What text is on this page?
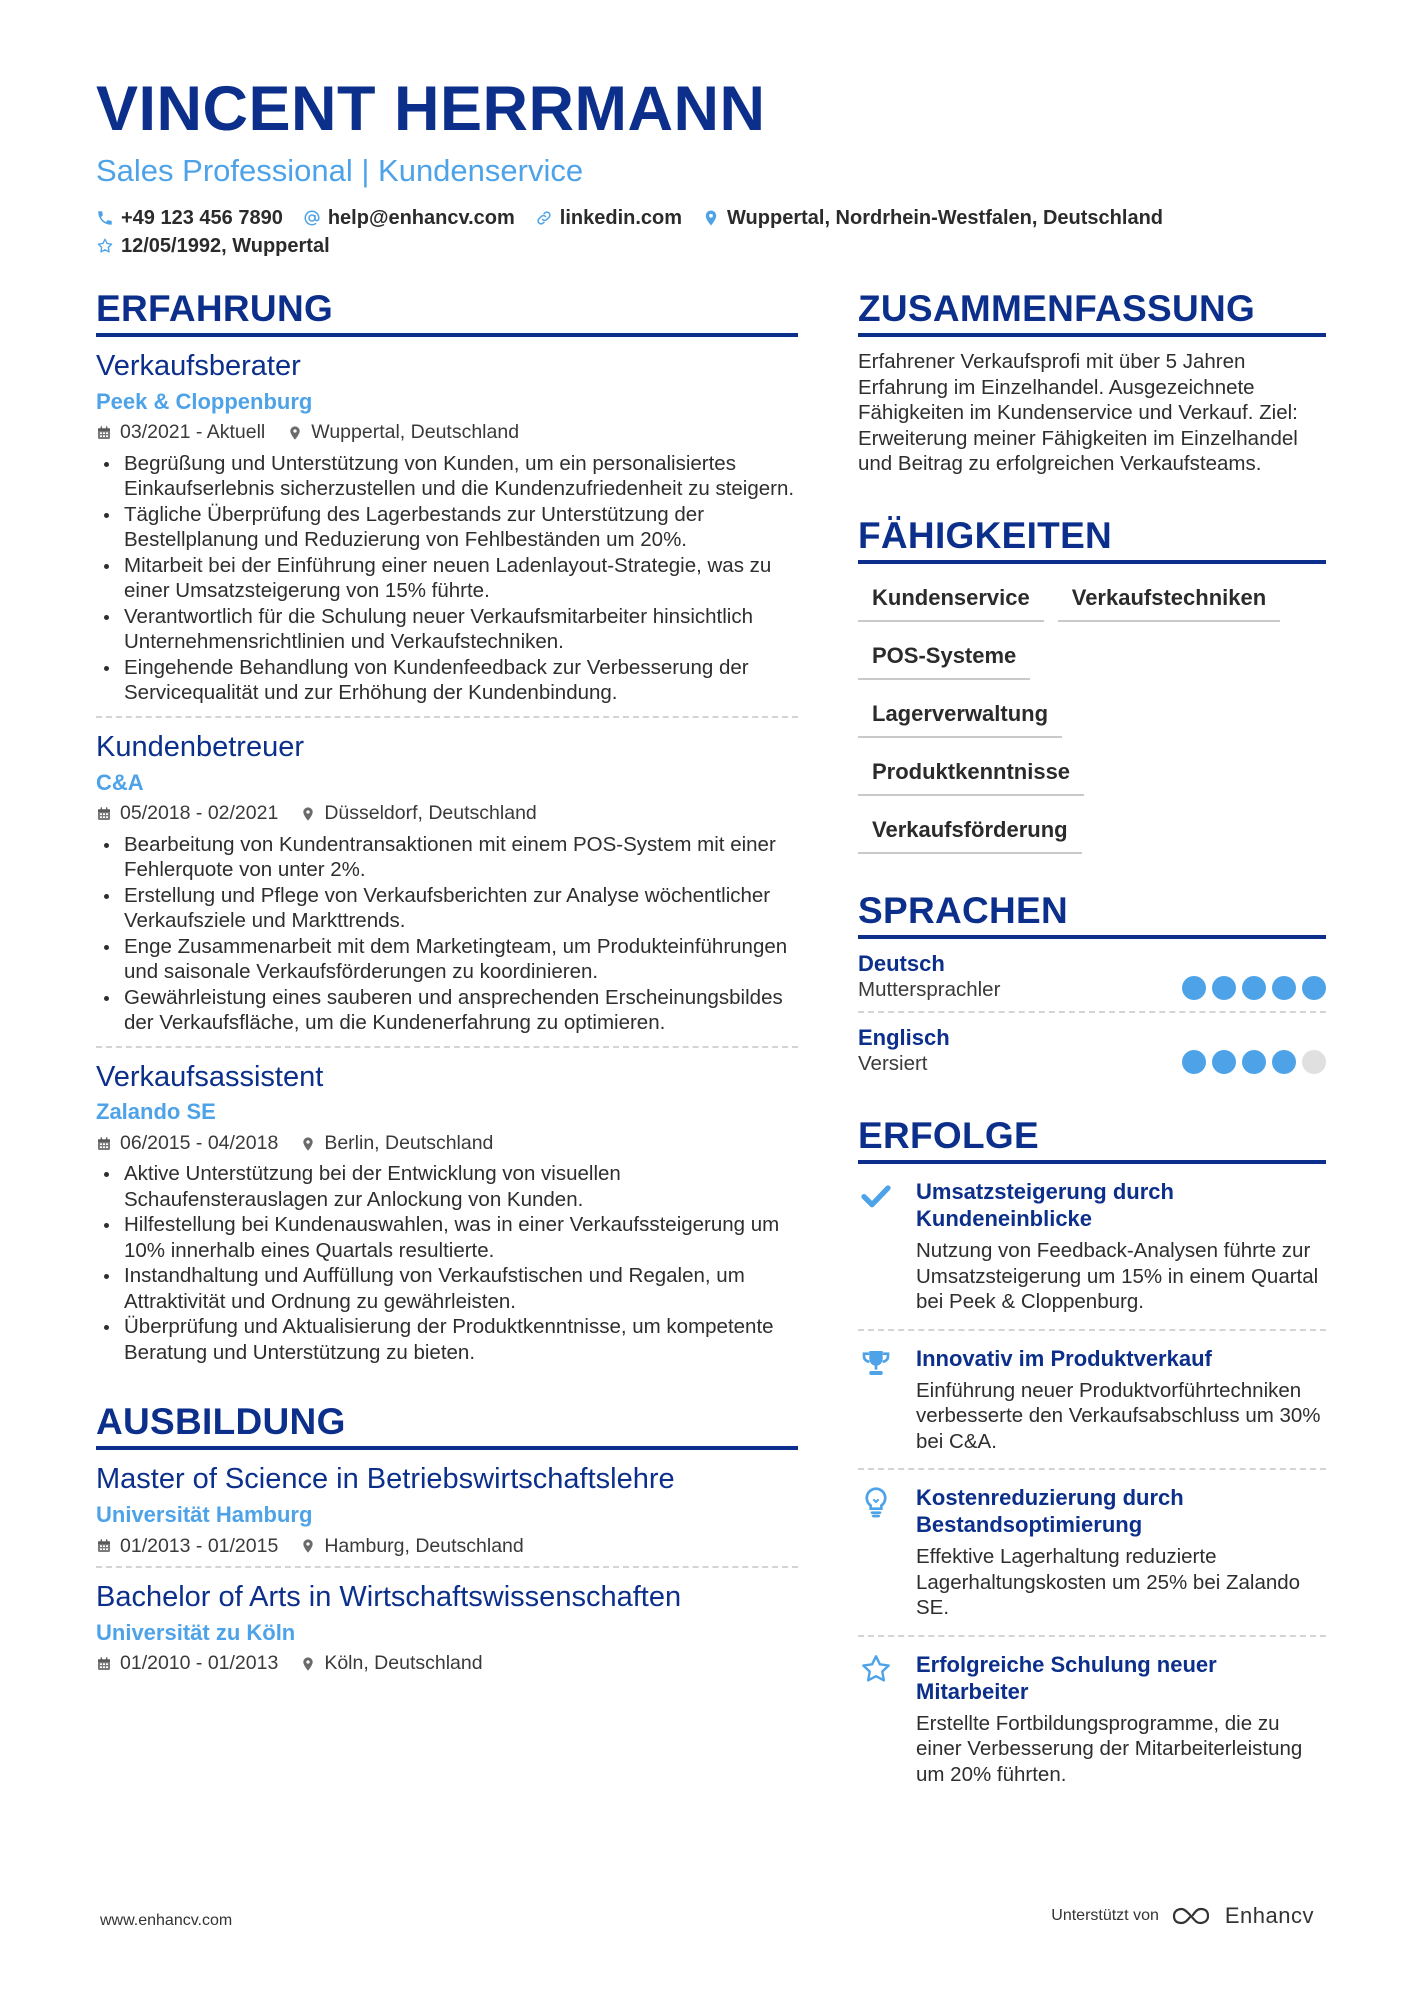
VINCENT HERRMANN
Sales Professional | Kundenservice
+49 123 456 7890 help@enhancv.com linkedin.com Wuppertal, Nordrhein-Westfalen, Deutschland
12/05/1992, Wuppertal
ERFAHRUNG
Verkaufsberater
Peek & Cloppenburg
03/2021 - Aktuell Wuppertal, Deutschland
Begrüßung und Unterstützung von Kunden, um ein personalisiertes Einkaufserlebnis sicherzustellen und die Kundenzufriedenheit zu steigern.
Tägliche Überprüfung des Lagerbestands zur Unterstützung der Bestellplanung und Reduzierung von Fehlbeständen um 20%.
Mitarbeit bei der Einführung einer neuen Ladenlayout-Strategie, was zu einer Umsatzsteigerung von 15% führte.
Verantwortlich für die Schulung neuer Verkaufsmitarbeiter hinsichtlich Unternehmensrichtlinien und Verkaufstechniken.
Eingehende Behandlung von Kundenfeedback zur Verbesserung der Servicequalität und zur Erhöhung der Kundenbindung.
Kundenbetreuer
C&A
05/2018 - 02/2021 Düsseldorf, Deutschland
Bearbeitung von Kundentransaktionen mit einem POS-System mit einer Fehlerquote von unter 2%.
Erstellung und Pflege von Verkaufsberichten zur Analyse wöchentlicher Verkaufsziele und Markttrends.
Enge Zusammenarbeit mit dem Marketingteam, um Produkteinführungen und saisonale Verkaufsförderungen zu koordinieren.
Gewährleistung eines sauberen und ansprechenden Erscheinungsbildes der Verkaufsfläche, um die Kundenerfahrung zu optimieren.
Verkaufsassistent
Zalando SE
06/2015 - 04/2018 Berlin, Deutschland
Aktive Unterstützung bei der Entwicklung von visuellen Schaufensterauslagen zur Anlockung von Kunden.
Hilfestellung bei Kundenauswahlen, was in einer Verkaufssteigerung um 10% innerhalb eines Quartals resultierte.
Instandhaltung und Auffüllung von Verkaufstischen und Regalen, um Attraktivität und Ordnung zu gewährleisten.
Überprüfung und Aktualisierung der Produktkenntnisse, um kompetente Beratung und Unterstützung zu bieten.
AUSBILDUNG
Master of Science in Betriebswirtschaftslehre
Universität Hamburg
01/2013 - 01/2015 Hamburg, Deutschland
Bachelor of Arts in Wirtschaftswissenschaften
Universität zu Köln
01/2010 - 01/2013 Köln, Deutschland
ZUSAMMENFASSUNG
Erfahrener Verkaufsprofi mit über 5 Jahren Erfahrung im Einzelhandel. Ausgezeichnete Fähigkeiten im Kundenservice und Verkauf. Ziel: Erweiterung meiner Fähigkeiten im Einzelhandel und Beitrag zu erfolgreichen Verkaufsteams.
FÄHIGKEITEN
Kundenservice	Verkaufstechniken
POS-Systeme
Lagerverwaltung
Produktkenntnisse
Verkaufsförderung
SPRACHEN
Deutsch
Muttersprachler
Englisch
Versiert
ERFOLGE
Umsatzsteigerung durch Kundeneinblicke
Nutzung von Feedback-Analysen führte zur Umsatzsteigerung um 15% in einem Quartal bei Peek & Cloppenburg.
Innovativ im Produktverkauf
Einführung neuer Produktvorführtechniken verbesserte den Verkaufsabschluss um 30% bei C&A.
Kostenreduzierung durch Bestandsoptimierung
Effektive Lagerhaltung reduzierte Lagerhaltungskosten um 25% bei Zalando SE.
Erfolgreiche Schulung neuer Mitarbeiter
Erstellte Fortbildungsprogramme, die zu einer Verbesserung der Mitarbeiterleistung um 20% führten.
www.enhancv.com	Unterstützt von	Enhancv
